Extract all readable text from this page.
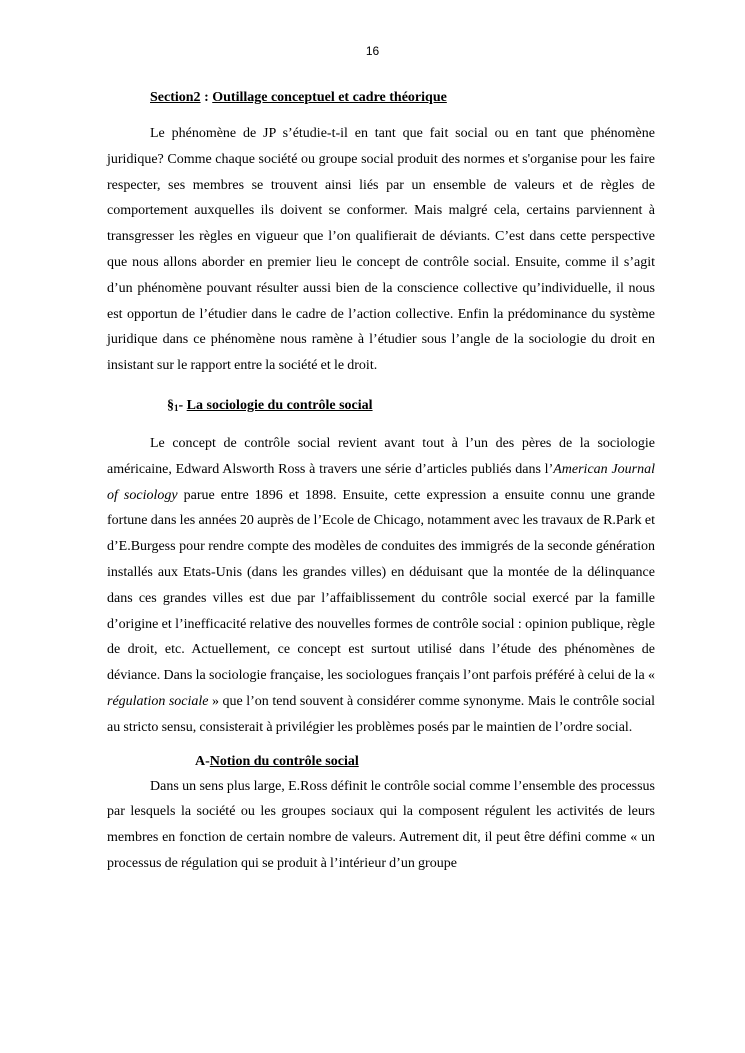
16

Section2 : Outillage conceptuel et cadre théorique

Le phénomène de JP s’étudie-t-il en tant que fait social ou en tant que phénomène juridique? Comme chaque société ou groupe social produit des normes et s'organise pour les faire respecter, ses membres se trouvent ainsi liés par un ensemble de valeurs et de règles de comportement auxquelles ils doivent se conformer. Mais malgré cela, certains parviennent à transgresser les règles en vigueur que l’on qualifierait de déviants. C’est dans cette perspective que nous allons aborder en premier lieu le concept de contrôle social. Ensuite, comme il s’agit d’un phénomène pouvant résulter aussi bien de la conscience collective qu’individuelle, il nous est opportun de l’étudier dans le cadre de l’action collective. Enfin la prédominance du système juridique dans ce phénomène nous ramène à l’étudier sous l’angle de la sociologie du droit en insistant sur le rapport entre la société et le droit.

§1- La sociologie du contrôle social

Le concept de contrôle social revient avant tout à l’un des pères de la sociologie américaine, Edward Alsworth Ross à travers une série d’articles publiés dans l’American Journal of sociology parue entre 1896 et 1898. Ensuite, cette expression a ensuite connu une grande fortune dans les années 20 auprès de l’Ecole de Chicago, notamment avec les travaux de R.Park et d’E.Burgess pour rendre compte des modèles de conduites des immigrés de la seconde génération installés aux Etats-Unis (dans les grandes villes) en déduisant que la montée de la délinquance dans ces grandes villes est due par l’affaiblissement du contrôle social exercé par la famille d’origine et l’inefficacité relative des nouvelles formes de contrôle social : opinion publique, règle de droit, etc. Actuellement, ce concept est surtout utilisé dans l’étude des phénomènes de déviance. Dans la sociologie française, les sociologues français l’ont parfois préféré à celui de la « régulation sociale » que l’on tend souvent à considérer comme synonyme. Mais le contrôle social au stricto sensu, consisterait à privilégier les problèmes posés par le maintien de l’ordre social.

A-Notion du contrôle social

Dans un sens plus large, E.Ross définit le contrôle social comme l’ensemble des processus par lesquels la société ou les groupes sociaux qui la composent régulent les activités de leurs membres en fonction de certain nombre de valeurs. Autrement dit, il peut être défini comme « un processus de régulation qui se produit à l’intérieur d’un groupe
